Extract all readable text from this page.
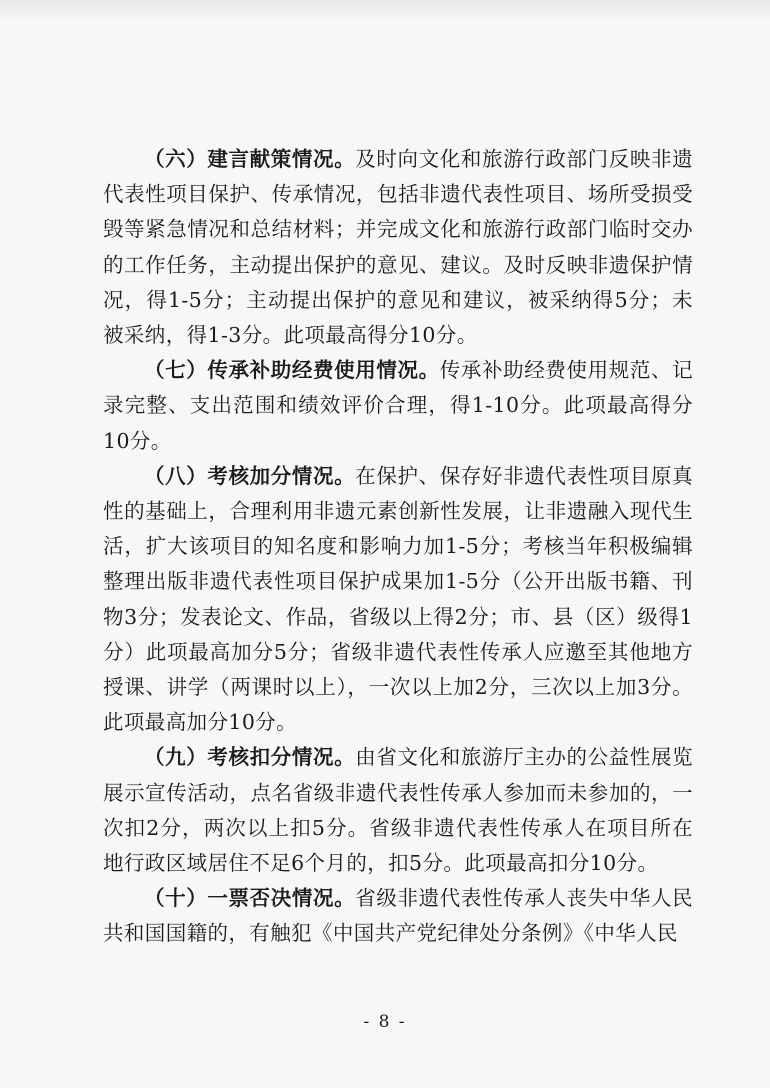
（六）建言献策情况。及时向文化和旅游行政部门反映非遗代表性项目保护、传承情况，包括非遗代表性项目、场所受损受毁等紧急情况和总结材料；并完成文化和旅游行政部门临时交办的工作任务，主动提出保护的意见、建议。及时反映非遗保护情况，得1-5分；主动提出保护的意见和建议，被采纳得5分；未被采纳，得1-3分。此项最高得分10分。

（七）传承补助经费使用情况。传承补助经费使用规范、记录完整、支出范围和绩效评价合理，得1-10分。此项最高得分10分。

（八）考核加分情况。在保护、保存好非遗代表性项目原真性的基础上，合理利用非遗元素创新性发展，让非遗融入现代生活，扩大该项目的知名度和影响力加1-5分；考核当年积极编辑整理出版非遗代表性项目保护成果加1-5分（公开出版书籍、刊物3分；发表论文、作品，省级以上得2分；市、县（区）级得1分）此项最高加分5分；省级非遗代表性传承人应邀至其他地方授课、讲学（两课时以上），一次以上加2分，三次以上加3分。此项最高加分10分。

（九）考核扣分情况。由省文化和旅游厅主办的公益性展览展示宣传活动，点名省级非遗代表性传承人参加而未参加的，一次扣2分，两次以上扣5分。省级非遗代表性传承人在项目所在地行政区域居住不足6个月的，扣5分。此项最高扣分10分。

（十）一票否决情况。省级非遗代表性传承人丧失中华人民共和国国籍的，有触犯《中国共产党纪律处分条例》《中华人民

- 8 -
